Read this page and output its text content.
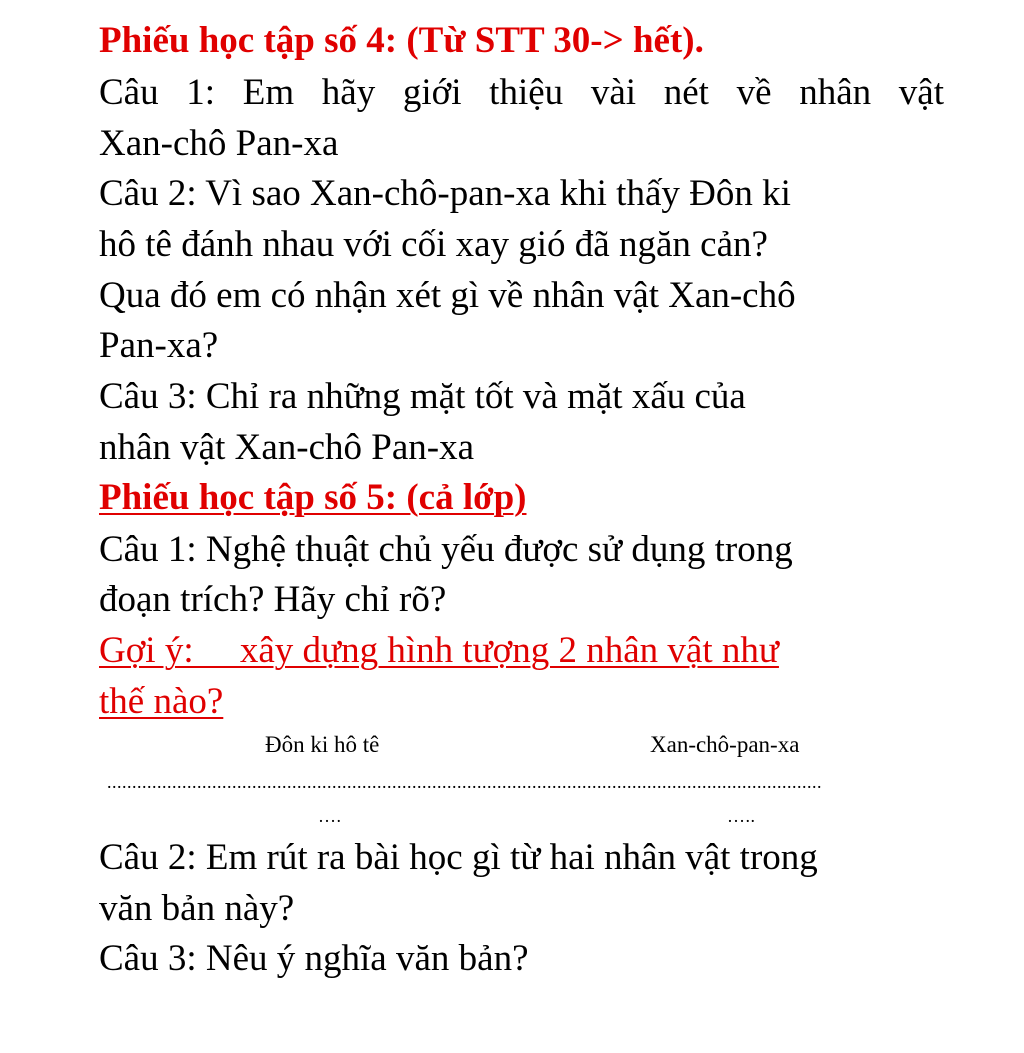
Phiếu học tập số 4: (Từ STT 30-> hết).
Câu 1: Em hãy giới thiệu vài nét về nhân vật
Xan-chô Pan-xa
Câu 2: Vì sao Xan-chô-pan-xa khi thấy Đôn ki
hô tê đánh nhau với cối xay gió đã ngăn cản?
Qua đó em có nhận xét gì về nhân vật Xan-chô
Pan-xa?
Câu 3: Chỉ ra những mặt tốt và mặt xấu của
nhân vật Xan-chô Pan-xa
Phiếu học tập số 5: (cả lớp)
Câu 1: Nghệ thuật chủ yếu được sử dụng trong
đoạn trích? Hãy chỉ rõ?
Gợi ý:     xây dựng hình tượng 2 nhân vật như
thế nào?
Đôn ki hô tê	Xan-chô-pan-xa
...............................................................................................................................................
….	…..
Câu 2: Em rút ra bài học gì từ hai nhân vật trong
văn bản này?
Câu 3: Nêu ý nghĩa văn bản?
